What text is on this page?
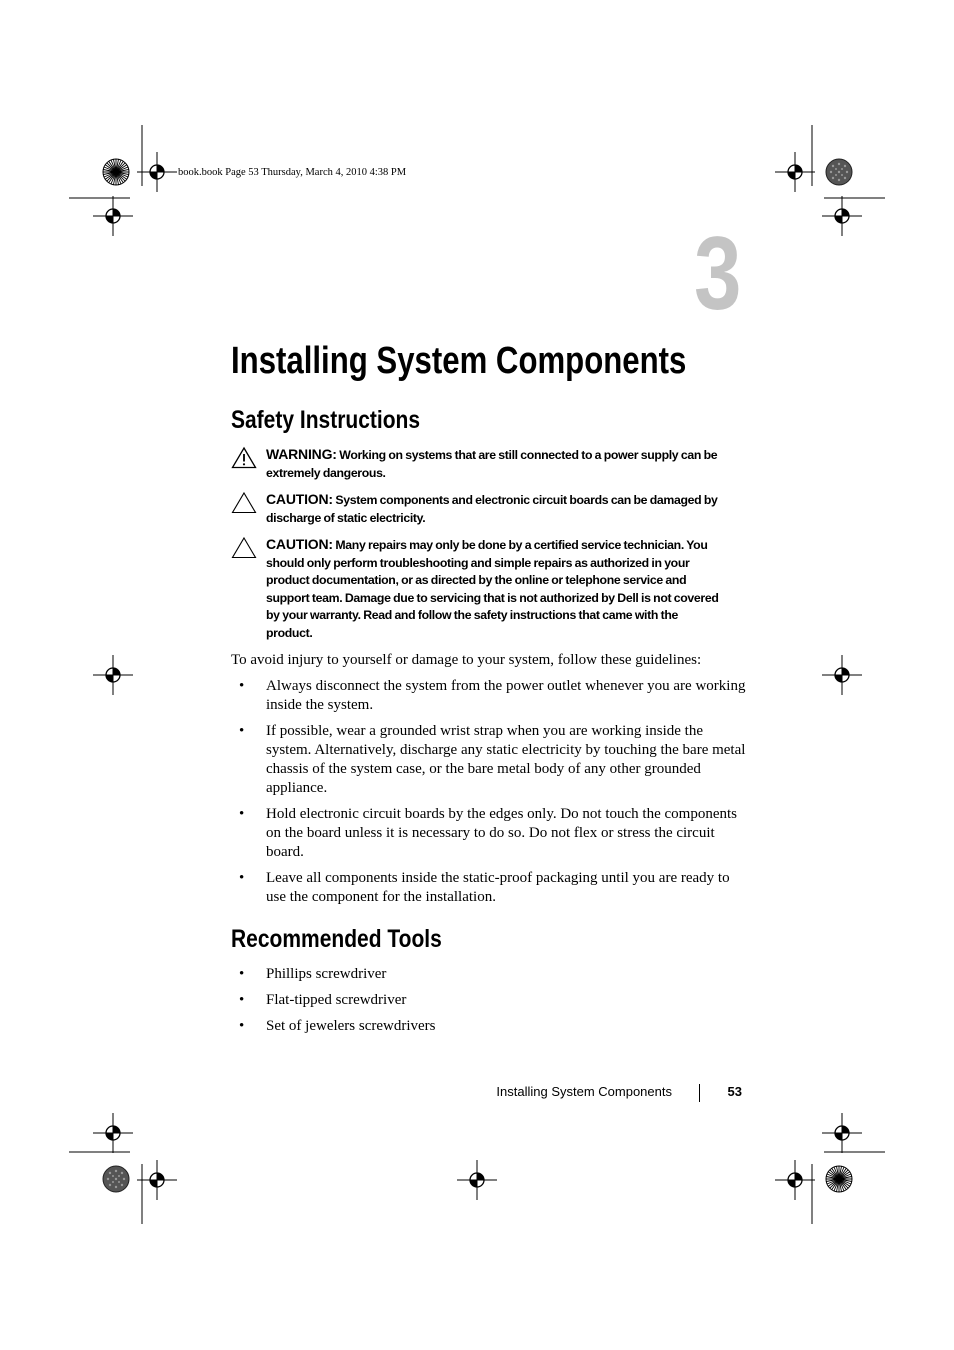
book.book Page 53 Thursday, March 4, 2010 4:38 PM
3
Installing System Components
Safety Instructions
WARNING: Working on systems that are still connected to a power supply can be extremely dangerous.
CAUTION: System components and electronic circuit boards can be damaged by discharge of static electricity.
CAUTION: Many repairs may only be done by a certified service technician. You should only perform troubleshooting and simple repairs as authorized in your product documentation, or as directed by the online or telephone service and support team. Damage due to servicing that is not authorized by Dell is not covered by your warranty. Read and follow the safety instructions that came with the product.

To avoid injury to yourself or damage to your system, follow these guidelines:

• Always disconnect the system from the power outlet whenever you are working inside the system.
• If possible, wear a grounded wrist strap when you are working inside the system. Alternatively, discharge any static electricity by touching the bare metal chassis of the system case, or the bare metal body of any other grounded appliance.
• Hold electronic circuit boards by the edges only. Do not touch the components on the board unless it is necessary to do so. Do not flex or stress the circuit board.
• Leave all components inside the static-proof packaging until you are ready to use the component for the installation.
Recommended Tools
• Phillips screwdriver
• Flat-tipped screwdriver
• Set of jewelers screwdrivers
Installing System Components	53
